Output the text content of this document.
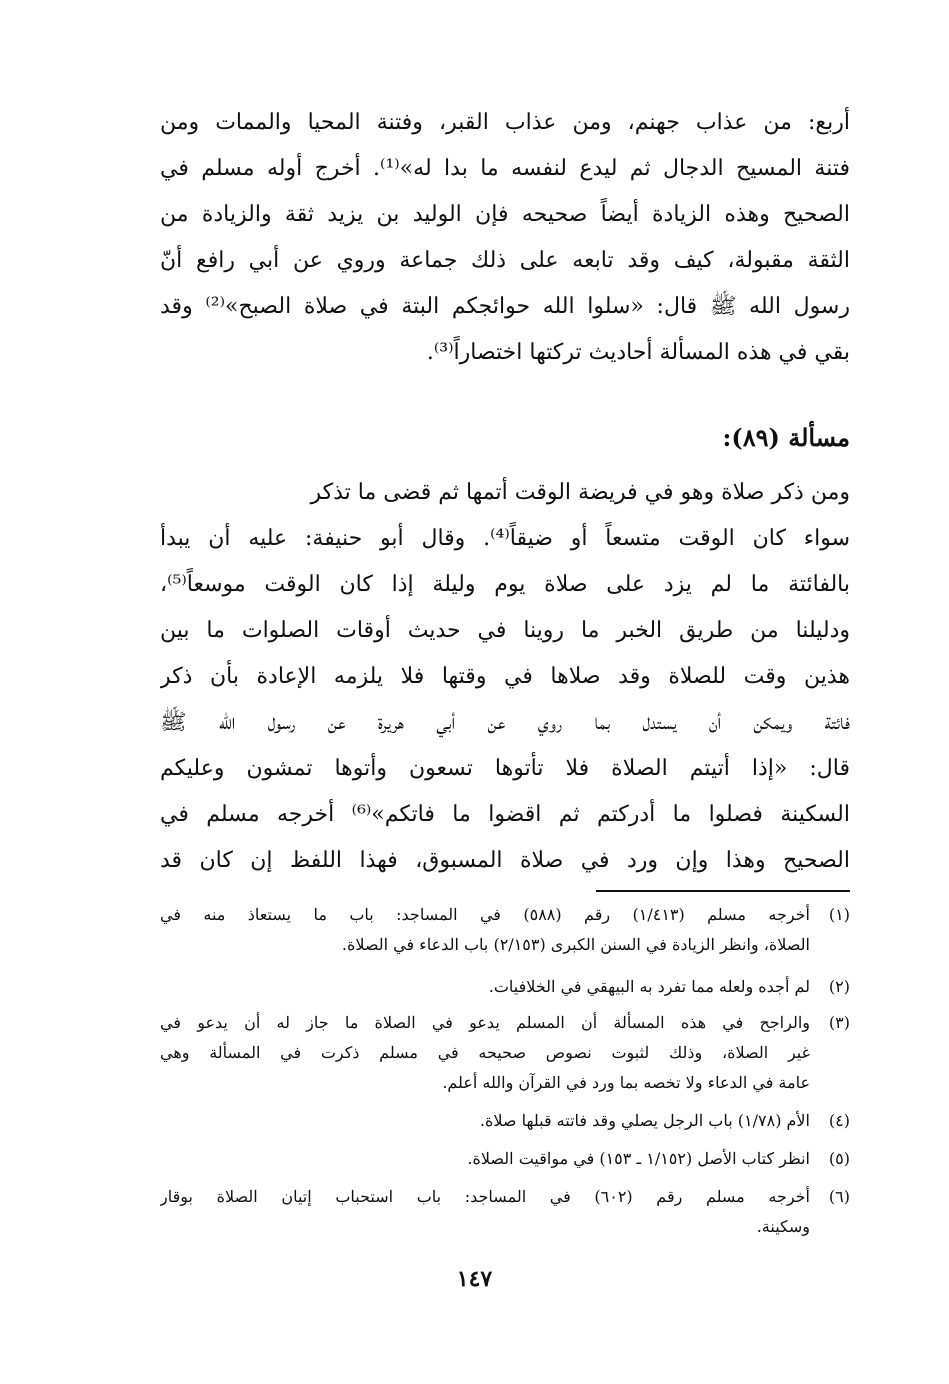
أربع: من عذاب جهنم، ومن عذاب القبر، وفتنة المحيا والممات ومن
فتنة المسيح الدجال ثم ليدع لنفسه ما بدا له»⁽¹⁾. أخرج أوله مسلم في
الصحيح وهذه الزيادة أيضاً صحيحه فإن الوليد بن يزيد ثقة والزيادة من
الثقة مقبولة، كيف وقد تابعه على ذلك جماعة وروي عن أبي رافع أنّ
رسول الله ﷺ قال: «سلوا الله حوائجكم البتة في صلاة الصبح»⁽²⁾ وقد
بقي في هذه المسألة أحاديث تركتها اختصاراً⁽³⁾.
مسألة (٨٩):
ومن ذكر صلاة وهو في فريضة الوقت أتمها ثم قضى ما تذكر
سواء كان الوقت متسعاً أو ضيقاً⁽⁴⁾. وقال أبو حنيفة: عليه أن يبدأ
بالفائتة ما لم يزد على صلاة يوم وليلة إذا كان الوقت موسعاً⁽⁵⁾،
ودليلنا من طريق الخبر ما روينا في حديث أوقات الصلوات ما بين
هذين وقت للصلاة وقد صلاها في وقتها فلا يلزمه الإعادة بأن ذكر
فائتة ويمكن أن يستدل بما روي عن أبي هريرة عن رسول الله ﷺ
قال: «إذا أتيتم الصلاة فلا تأتوها تسعون وأتوها تمشون وعليكم
السكينة فصلوا ما أدركتم ثم اقضوا ما فاتكم»⁽⁶⁾ أخرجه مسلم في
الصحيح وهذا وإن ورد في صلاة المسبوق، فهذا اللفظ إن كان قد
(١)
أخرجه مسلم (١/٤١٣) رقم (٥٨٨) في المساجد: باب ما يستعاذ منه في
الصلاة، وانظر الزيادة في السنن الكبرى (٢/١٥٣) باب الدعاء في الصلاة.
(٢)
لم أجده ولعله مما تفرد به البيهقي في الخلافيات.
(٣)
والراجح في هذه المسألة أن المسلم يدعو في الصلاة ما جاز له أن يدعو في
غير الصلاة، وذلك لثبوت نصوص صحيحه في مسلم ذكرت في المسألة وهي
عامة في الدعاء ولا تخصه بما ورد في القرآن والله أعلم.
(٤)
الأم (١/٧٨) باب الرجل يصلي وقد فاتته قبلها صلاة.
(٥)
انظر كتاب الأصل (١/١٥٢ ـ ١٥٣) في مواقيت الصلاة.
(٦)
أخرجه مسلم رقم (٦٠٢) في المساجد: باب استحباب إتيان الصلاة بوقار
وسكينة.
١٤٧
